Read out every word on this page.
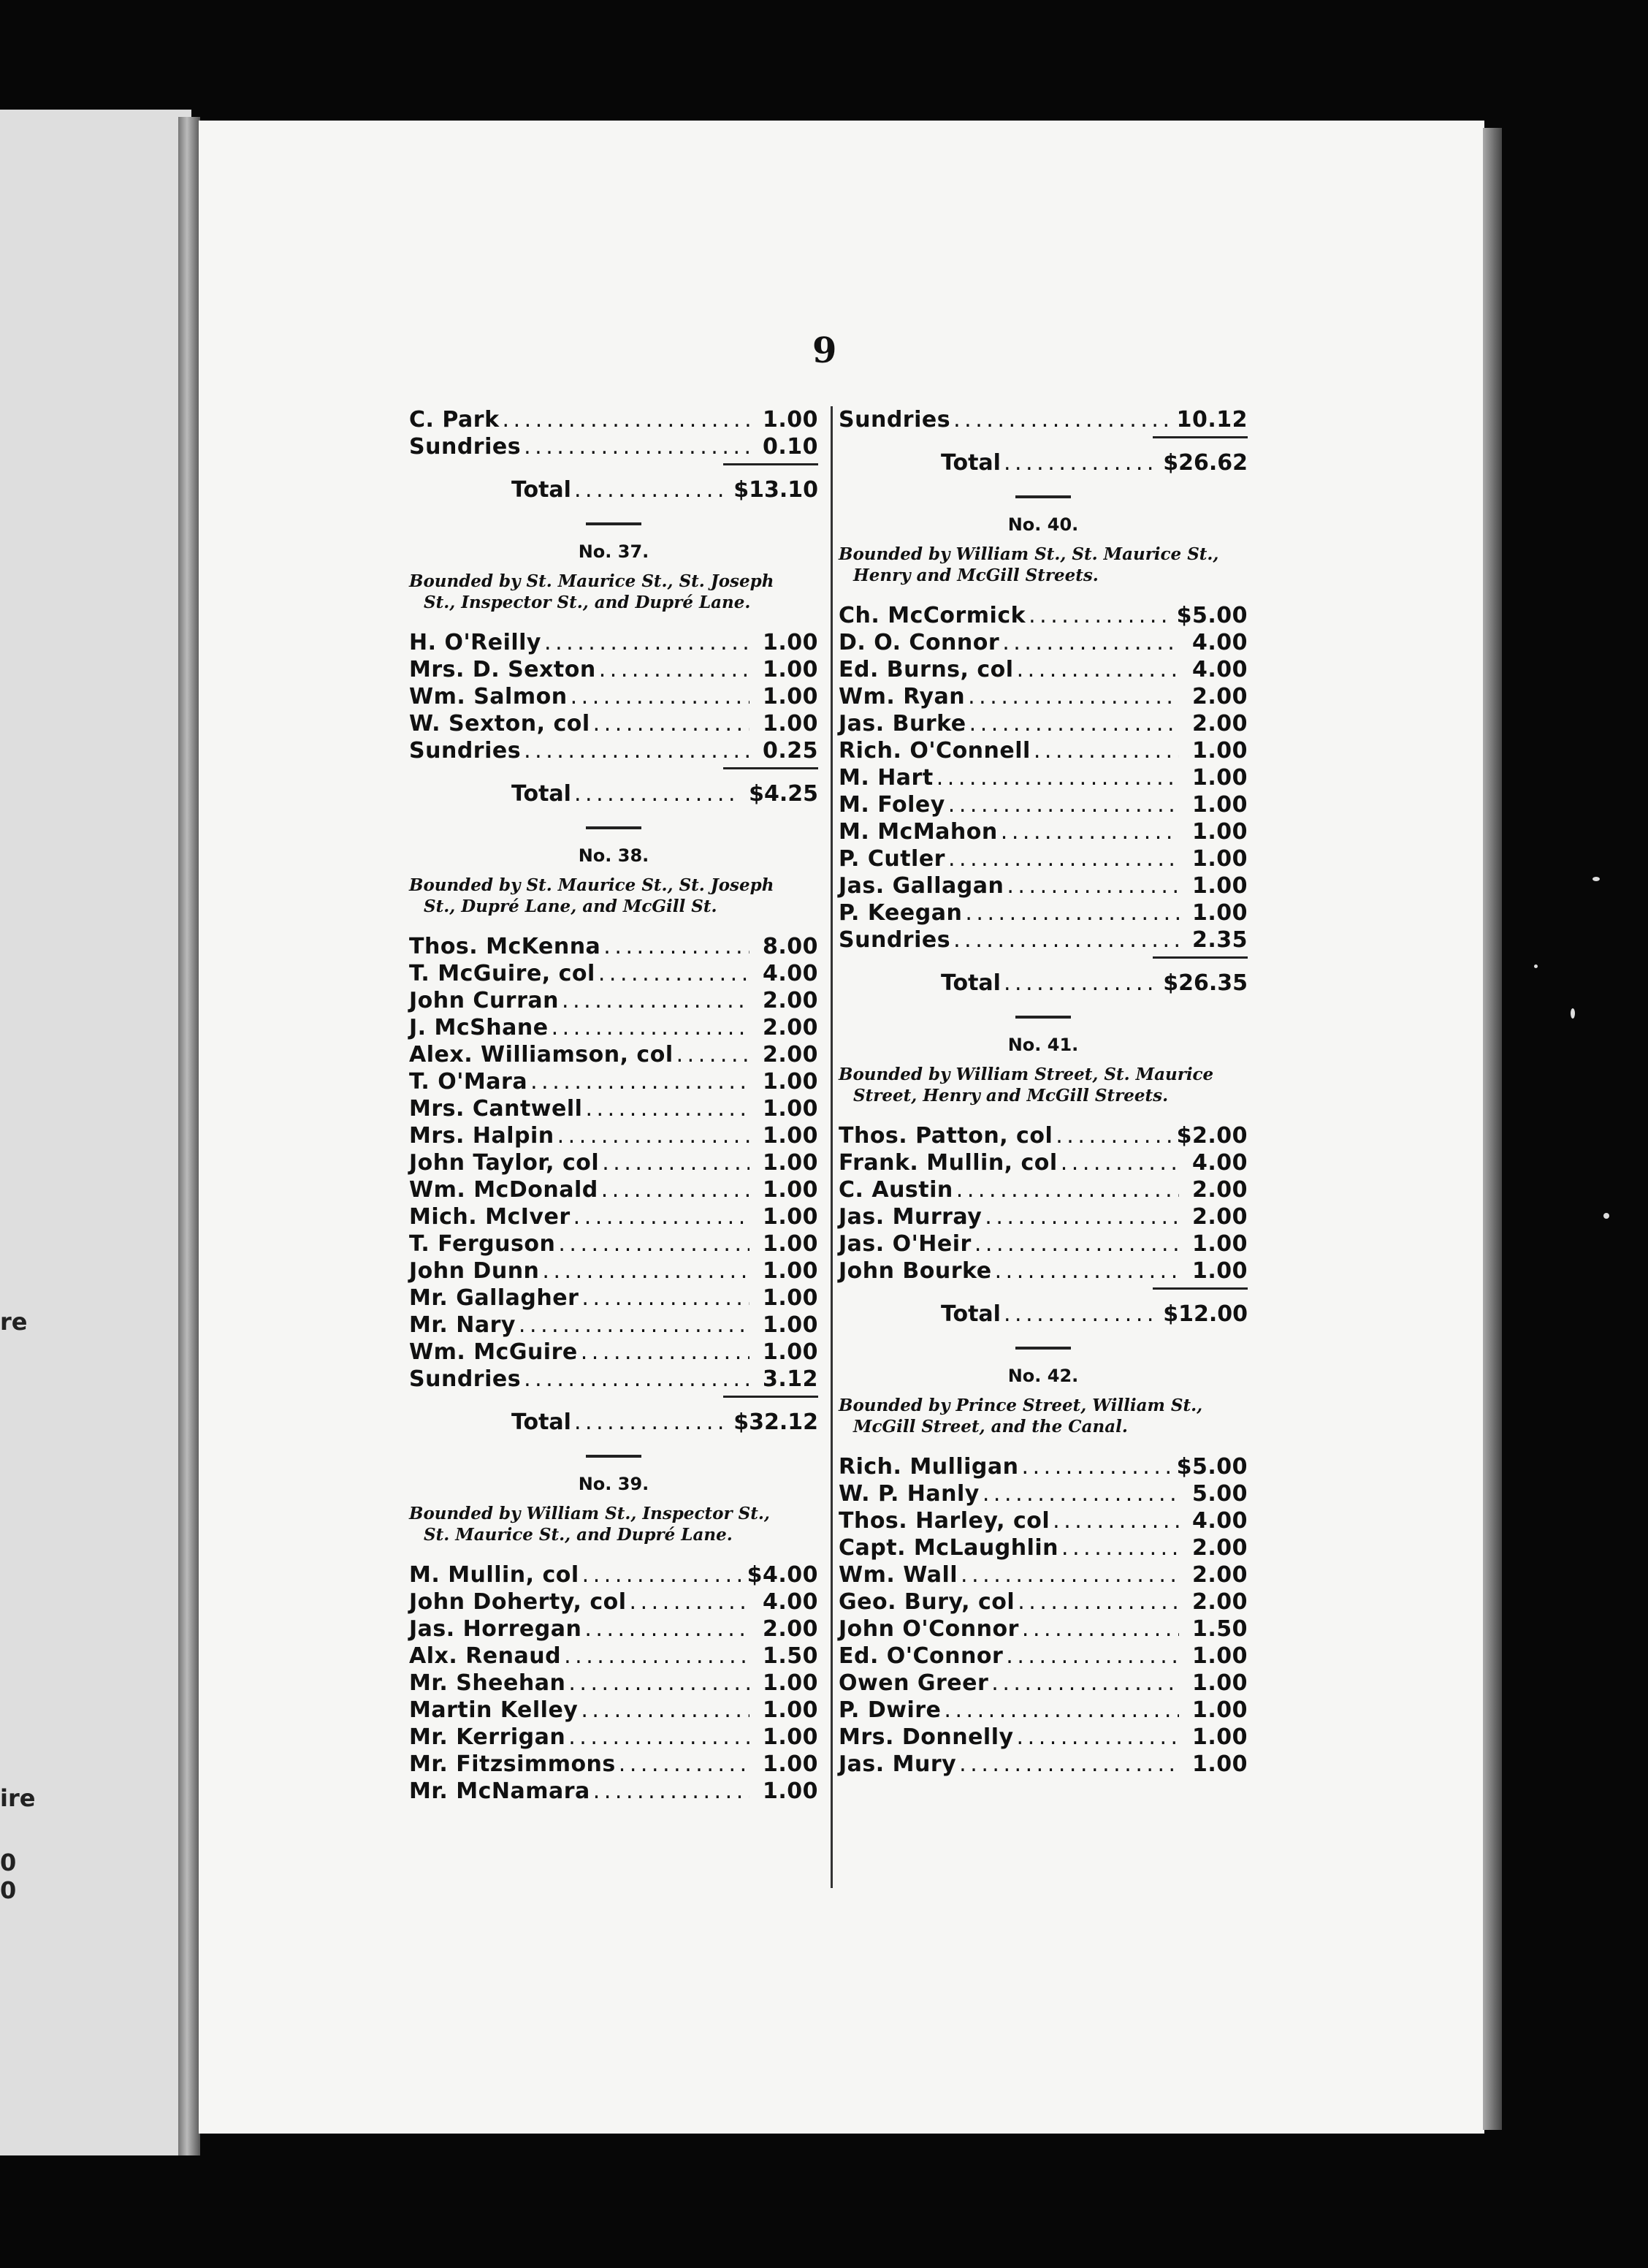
re
ire
0
0
9
C. Park . . .	1.00
Sundries . . .	0.10
Total . . .	$13.10
No. 37.
Bounded by St. Maurice St., St. Joseph
St., Inspector St., and Dupré Lane.
H. O'Reilly . . .	1.00
Mrs. D. Sexton . . .	1.00
Wm. Salmon . . .	1.00
W. Sexton, col . . .	1.00
Sundries . . .	0.25
Total . . .	$4.25
No. 38.
Bounded by St. Maurice St., St. Joseph
St., Dupré Lane, and McGill St.
Thos. McKenna . . .	8.00
T. McGuire, col . . .	4.00
John Curran . . .	2.00
J. McShane . . .	2.00
Alex. Williamson, col . . .	2.00
T. O'Mara . . .	1.00
Mrs. Cantwell . . .	1.00
Mrs. Halpin . . .	1.00
John Taylor, col . . .	1.00
Wm. McDonald . . .	1.00
Mich. McIver . . .	1.00
T. Ferguson . . .	1.00
John Dunn . . .	1.00
Mr. Gallagher . . .	1.00
Mr. Nary . . .	1.00
Wm. McGuire . . .	1.00
Sundries . . .	3.12
Total . . .	$32.12
No. 39.
Bounded by William St., Inspector St.,
St. Maurice St., and Dupré Lane.
M. Mullin, col . . .	$4.00
John Doherty, col . . .	4.00
Jas. Horregan . . .	2.00
Alx. Renaud . . .	1.50
Mr. Sheehan . . .	1.00
Martin Kelley . . .	1.00
Mr. Kerrigan . . .	1.00
Mr. Fitzsimmons . . .	1.00
Mr. McNamara . . .	1.00
Sundries . . .	10.12
Total . . .	$26.62
No. 40.
Bounded by William St., St. Maurice St.,
Henry and McGill Streets.
Ch. McCormick . . .	$5.00
D. O. Connor . . .	4.00
Ed. Burns, col . . .	4.00
Wm. Ryan . . .	2.00
Jas. Burke . . .	2.00
Rich. O'Connell . . .	1.00
M. Hart . . .	1.00
M. Foley . . .	1.00
M. McMahon . . .	1.00
P. Cutler . . .	1.00
Jas. Gallagan . . .	1.00
P. Keegan . . .	1.00
Sundries . . .	2.35
Total . . .	$26.35
No. 41.
Bounded by William Street, St. Maurice
Street, Henry and McGill Streets.
Thos. Patton, col . . .	$2.00
Frank. Mullin, col . . .	4.00
C. Austin . . .	2.00
Jas. Murray . . .	2.00
Jas. O'Heir . . .	1.00
John Bourke . . .	1.00
Total . . .	$12.00
No. 42.
Bounded by Prince Street, William St.,
McGill Street, and the Canal.
Rich. Mulligan . . .	$5.00
W. P. Hanly . . .	5.00
Thos. Harley, col . . .	4.00
Capt. McLaughlin . . .	2.00
Wm. Wall . . .	2.00
Geo. Bury, col . . .	2.00
John O'Connor . . .	1.50
Ed. O'Connor . . .	1.00
Owen Greer . . .	1.00
P. Dwire . . .	1.00
Mrs. Donnelly . . .	1.00
Jas. Mury . . .	1.00
